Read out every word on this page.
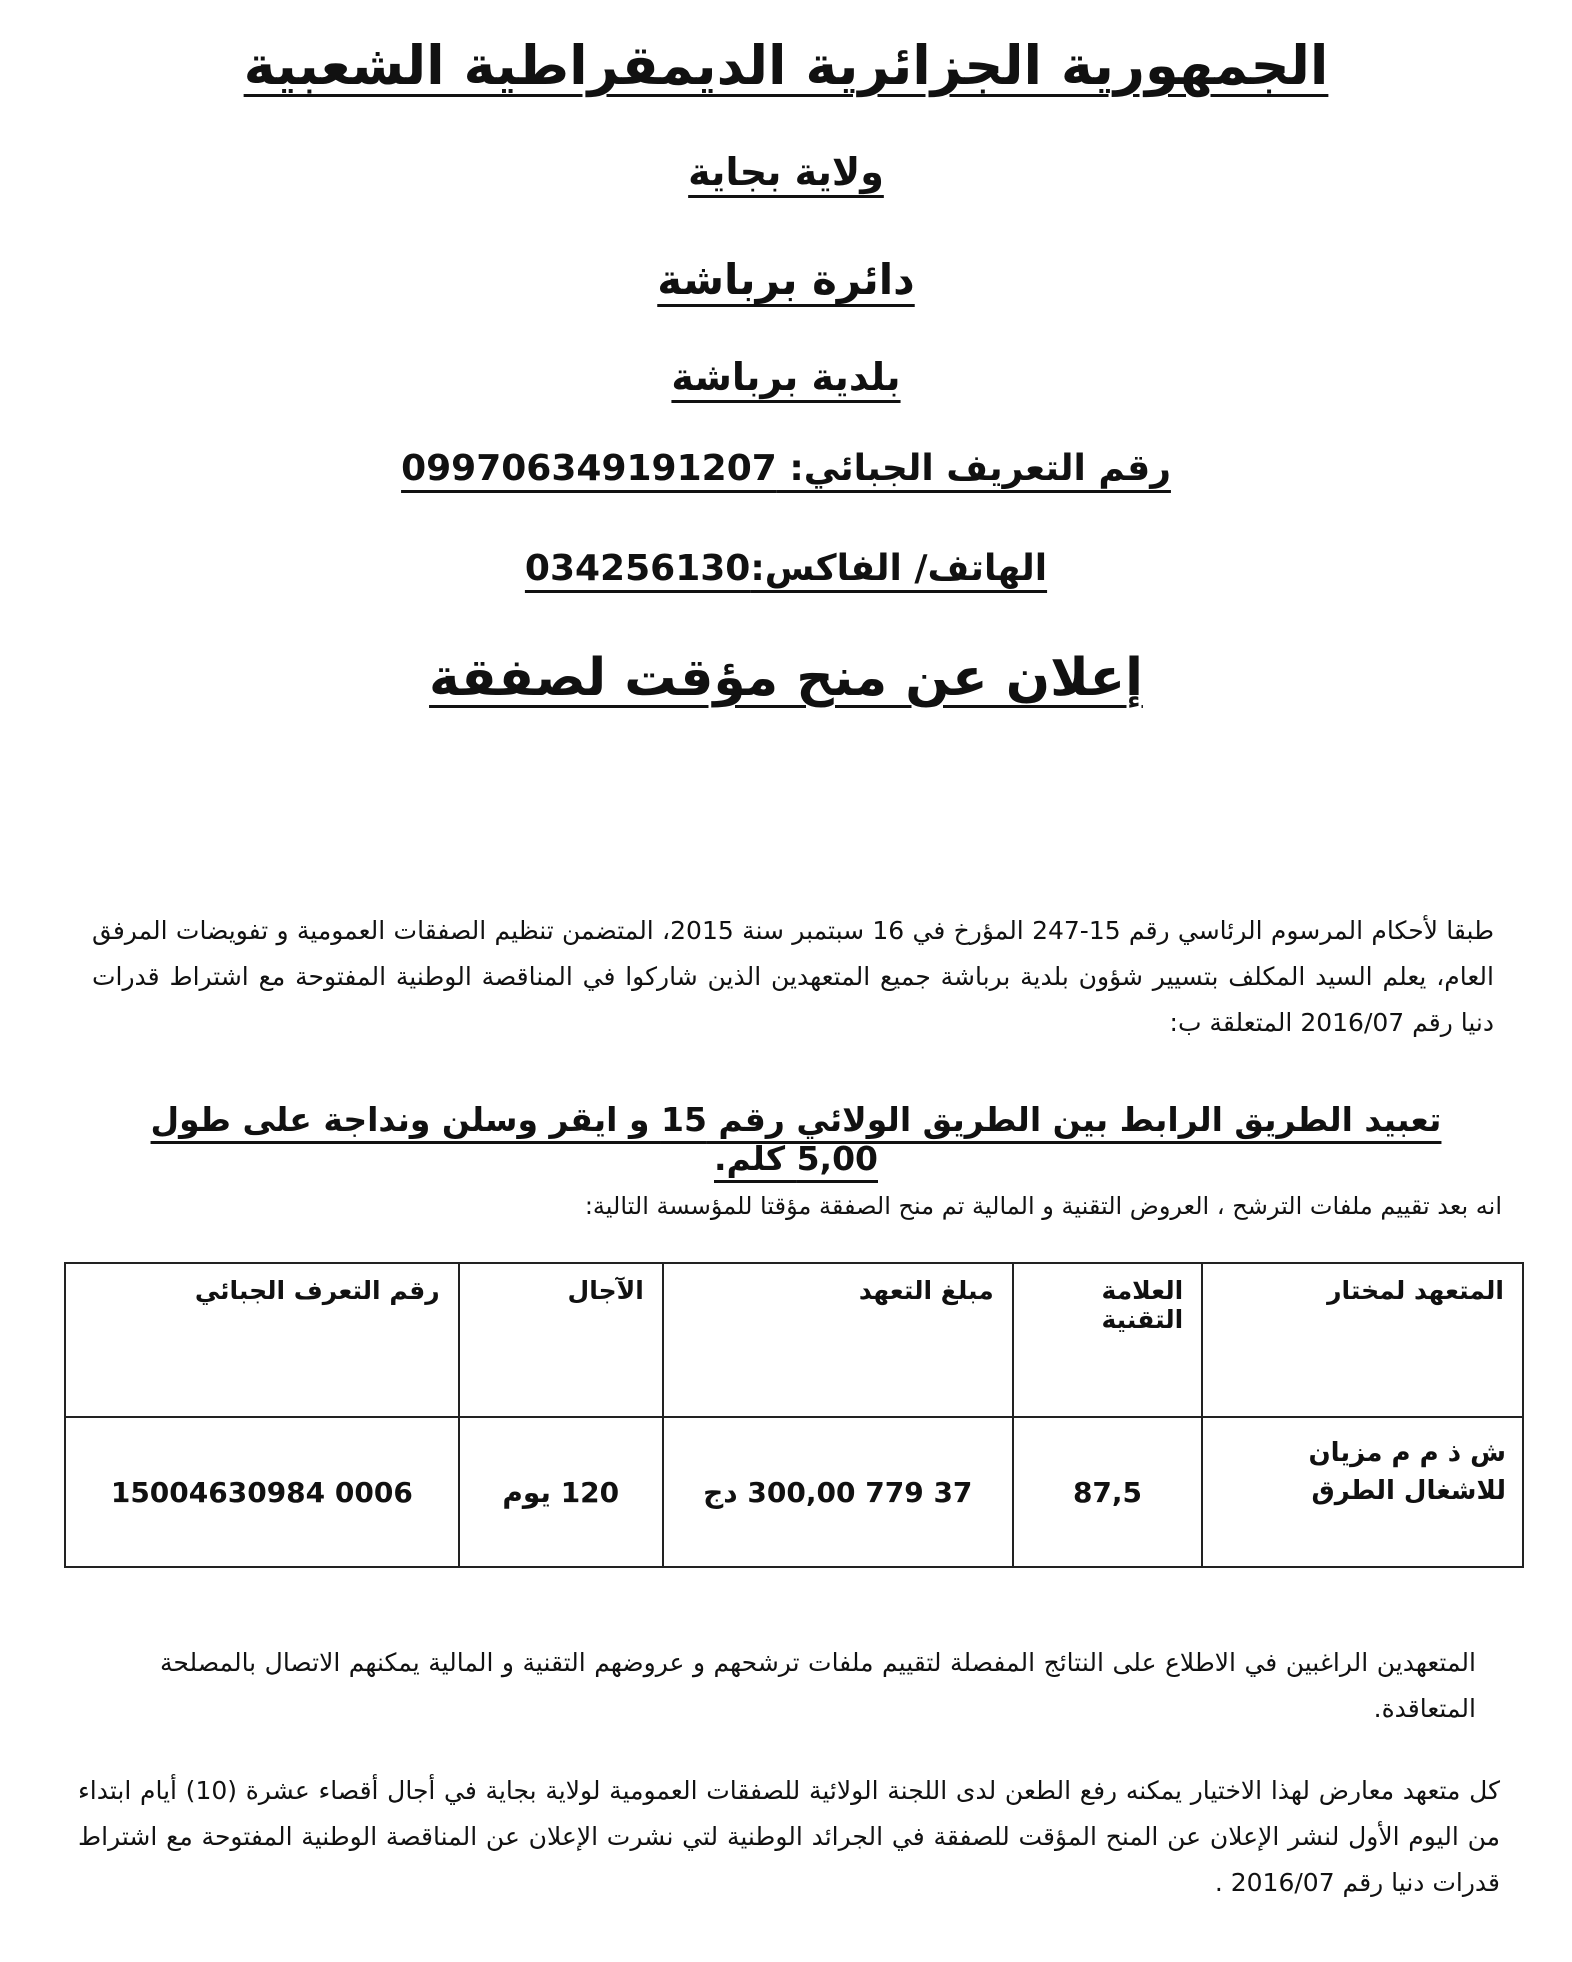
الجمهورية الجزائرية الديمقراطية الشعبية
ولاية بجاية
دائرة برباشة
بلدية برباشة
رقم التعريف الجبائي: 099706349191207
الهاتف/ الفاكس:034256130
إعلان عن منح مؤقت لصفقة
طبقا لأحكام المرسوم الرئاسي رقم 15-247 المؤرخ في 16 سبتمبر سنة 2015، المتضمن تنظيم الصفقات العمومية و تفويضات المرفق العام، يعلم السيد المكلف بتسيير شؤون بلدية برباشة جميع المتعهدين الذين شاركوا في المناقصة الوطنية المفتوحة مع اشتراط قدرات دنيا رقم 2016/07 المتعلقة ب:
تعبيد الطريق الرابط بين الطريق الولائي رقم 15 و ايقر وسلن ونداجة على طول 5,00 كلم.
انه بعد تقييم ملفات الترشح ، العروض التقنية و المالية تم منح الصفقة مؤقتا للمؤسسة التالية:
المتعهد لمختار	العلامة التقنية	مبلغ التعهد	الآجال	رقم التعرف الجبائي
ش ذ م م مزيان للاشغال الطرق	87,5	37 779 300,00 دج	120 يوم	0006 15004630984
المتعهدين الراغبين في الاطلاع على النتائج المفصلة لتقييم ملفات ترشحهم و عروضهم التقنية و المالية يمكنهم الاتصال بالمصلحة المتعاقدة.
كل متعهد معارض لهذا الاختيار يمكنه رفع الطعن لدى اللجنة الولائية للصفقات العمومية لولاية بجاية في أجال أقصاء عشرة (10) أيام ابتداء من اليوم الأول لنشر الإعلان عن المنح المؤقت للصفقة في الجرائد الوطنية لتي نشرت الإعلان عن المناقصة الوطنية المفتوحة مع اشتراط قدرات دنيا رقم 2016/07 .
